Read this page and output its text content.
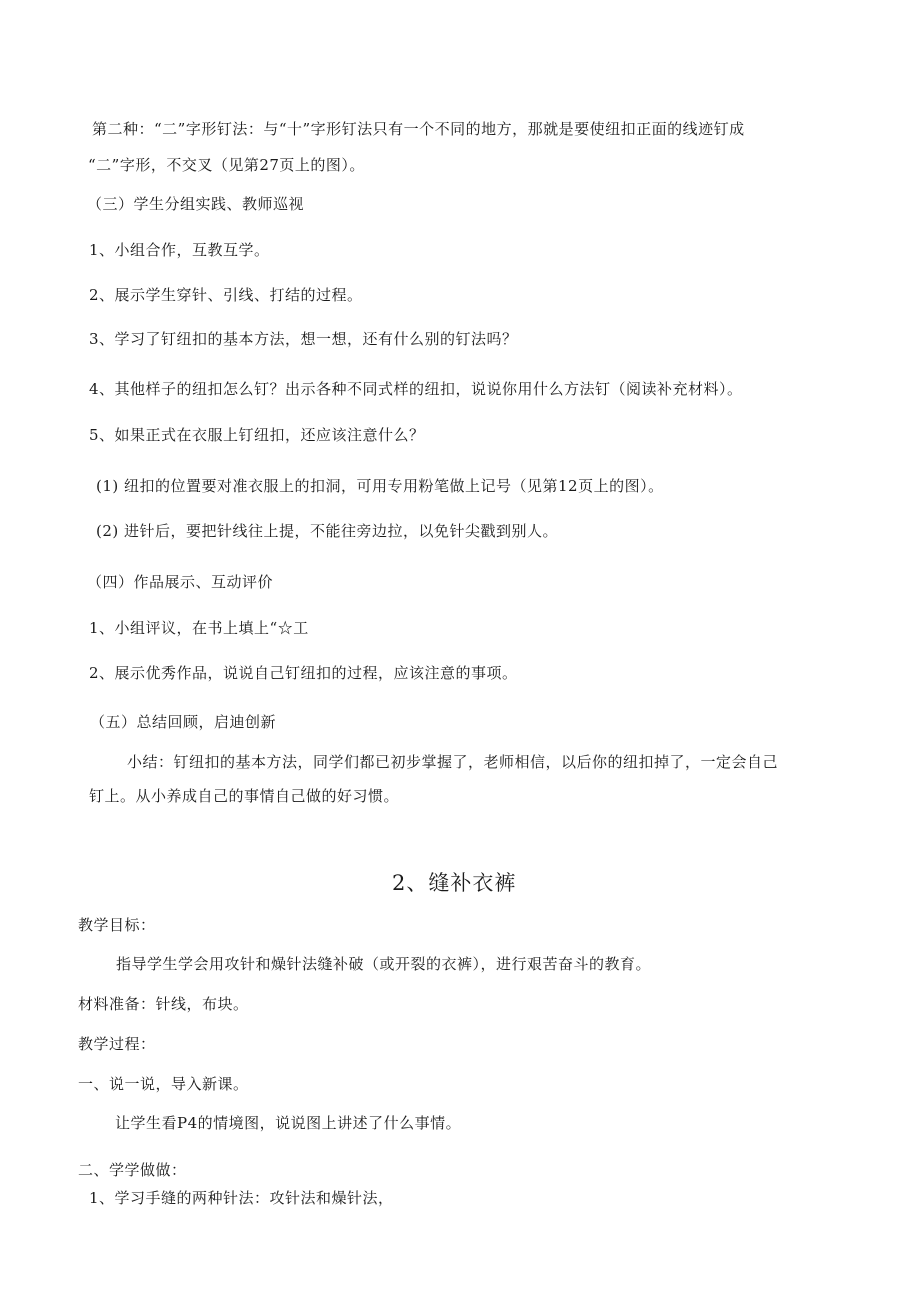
第二种：“二”字形钉法：与“十”字形钉法只有一个不同的地方，那就是要使纽扣正面的线迹钉成
“二”字形，不交叉（见第27页上的图）。
（三）学生分组实践、教师巡视
1、小组合作，互教互学。
2、展示学生穿针、引线、打结的过程。
3、学习了钉纽扣的基本方法，想一想，还有什么别的钉法吗？
4、其他样子的纽扣怎么钉？出示各种不同式样的纽扣，说说你用什么方法钉（阅读补充材料）。
5、如果正式在衣服上钉纽扣，还应该注意什么？
(1) 纽扣的位置要对准衣服上的扣洞，可用专用粉笔做上记号（见第12页上的图）。
(2) 进针后，要把针线往上提，不能往旁边拉，以免针尖戳到别人。
（四）作品展示、互动评价
1、小组评议，在书上填上“☆工
2、展示优秀作品，说说自己钉纽扣的过程，应该注意的事项。
（五）总结回顾，启迪创新
小结：钉纽扣的基本方法，同学们都已初步掌握了，老师相信，以后你的纽扣掉了，一定会自己
钉上。从小养成自己的事情自己做的好习惯。
2、缝补衣裤
教学目标：
指导学生学会用攻针和燥针法缝补破（或开裂的衣裤），进行艰苦奋斗的教育。
材料准备：针线，布块。
教学过程：
一、说一说，导入新课。
让学生看P4的情境图，说说图上讲述了什么事情。
二、学学做做：
1、学习手缝的两种针法：攻针法和燥针法，
